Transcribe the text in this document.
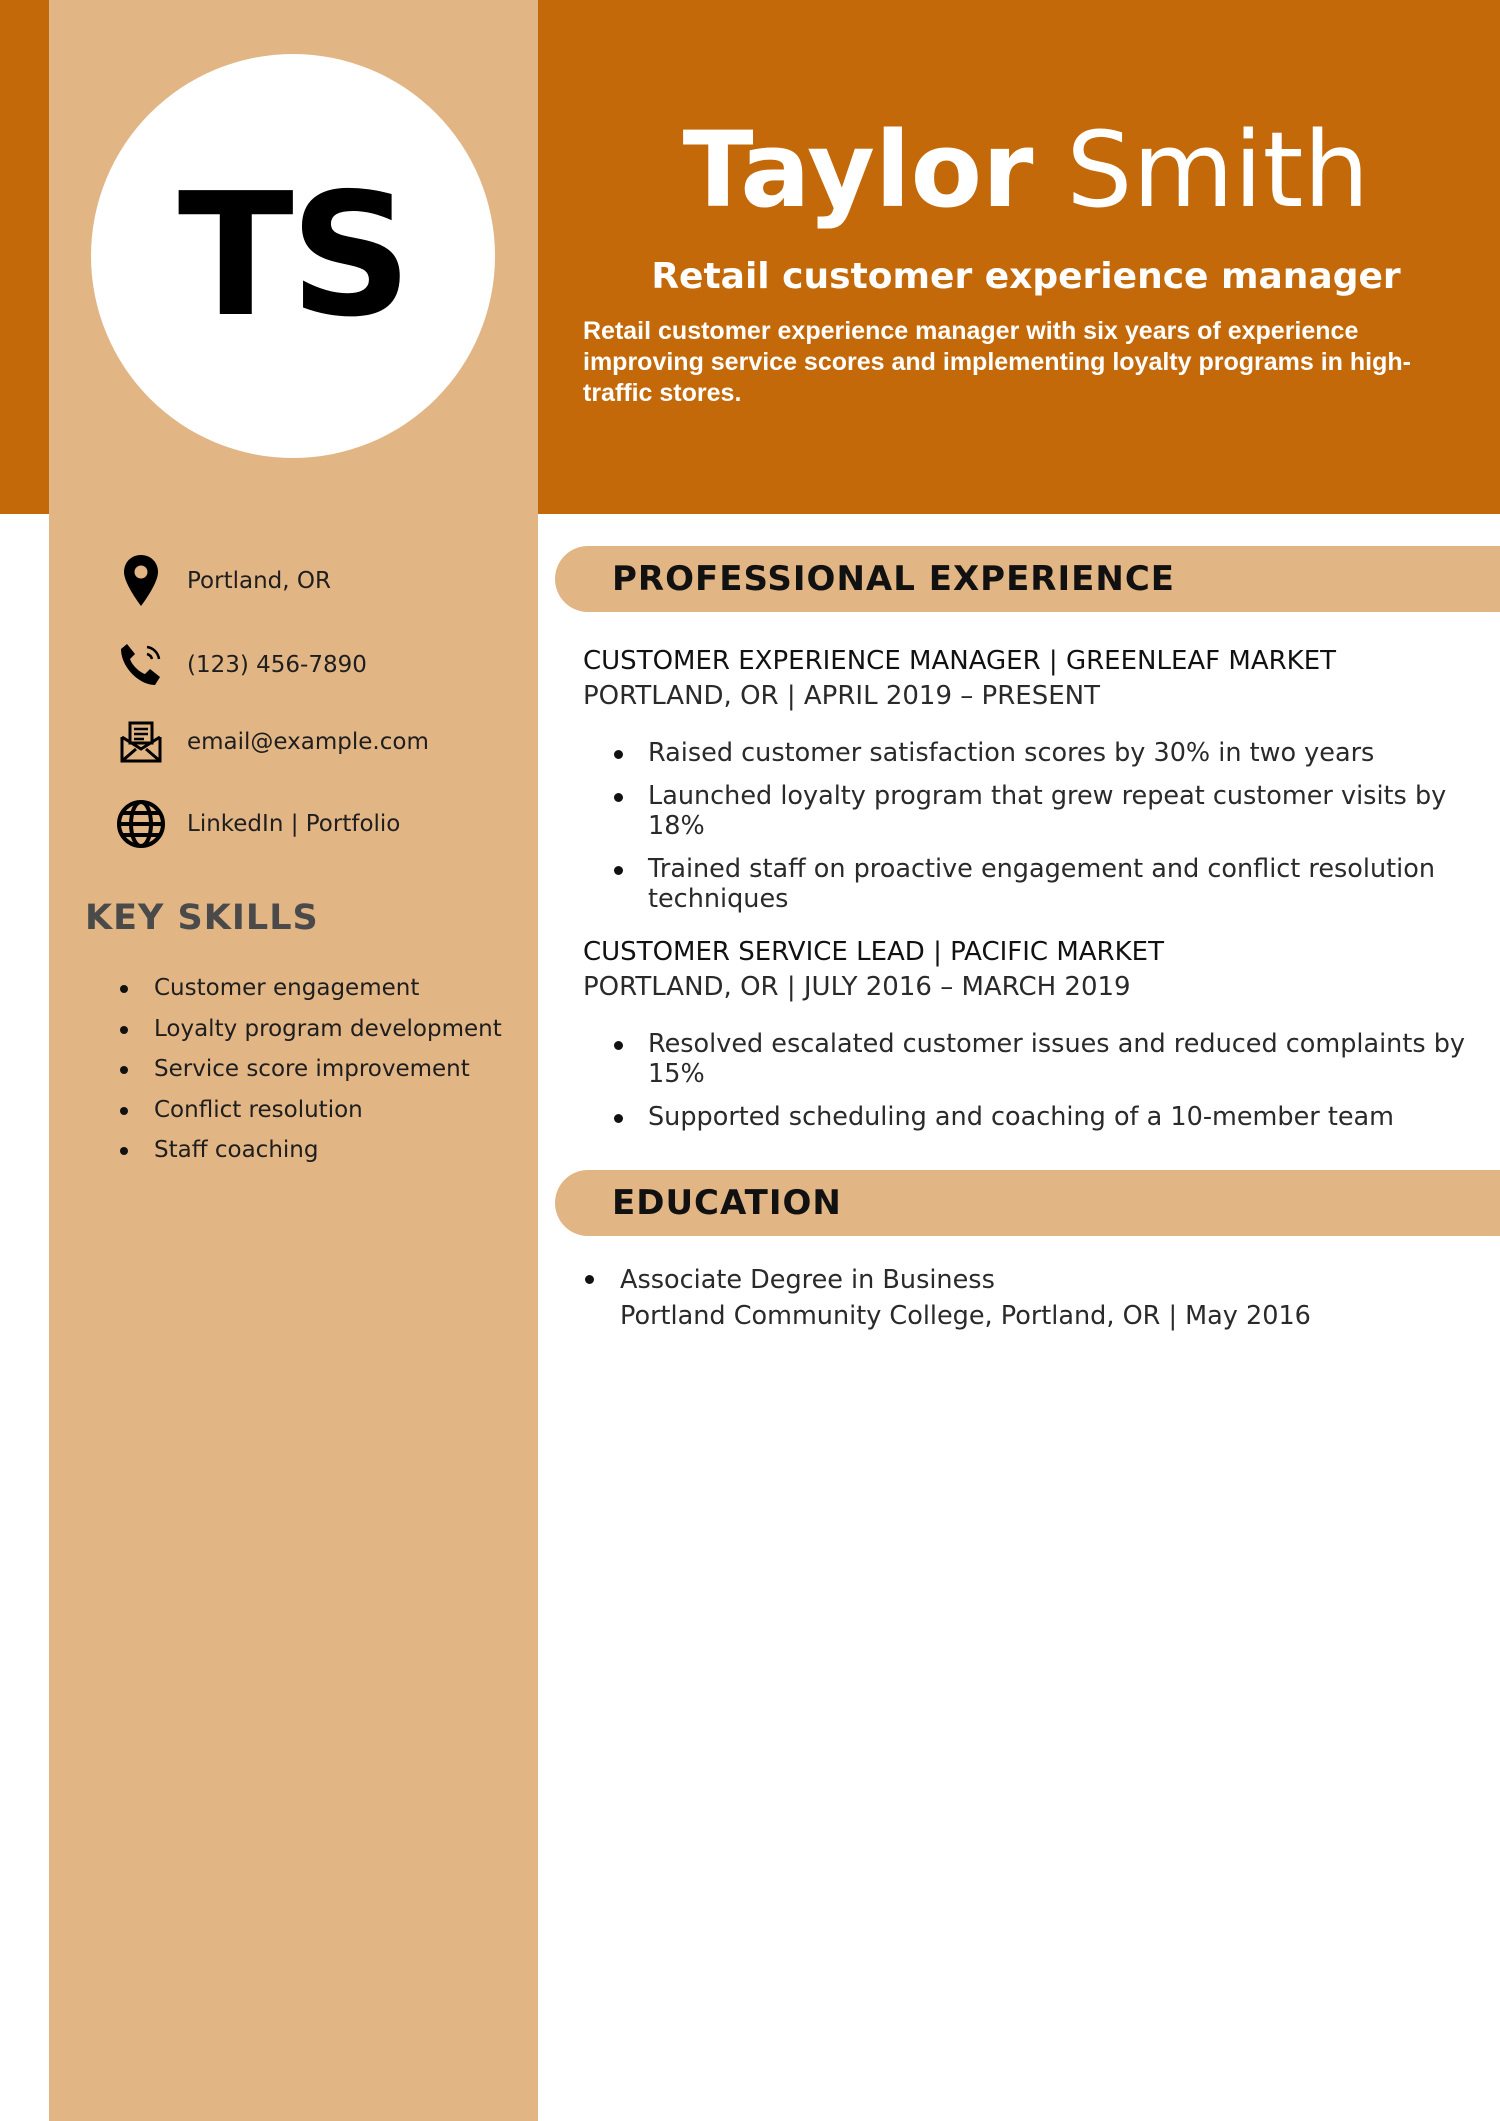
TS	Taylor Smith
Retail customer experience manager
Retail customer experience manager with six years of experience improving service scores and implementing loyalty programs in high-traffic stores.
Portland, OR
(123) 456-7890
email@example.com
LinkedIn | Portfolio
KEY SKILLS
Customer engagement
Loyalty program development
Service score improvement
Conflict resolution
Staff coaching
PROFESSIONAL EXPERIENCE
CUSTOMER EXPERIENCE MANAGER | GREENLEAF MARKET
PORTLAND, OR | APRIL 2019 – PRESENT
Raised customer satisfaction scores by 30% in two years
Launched loyalty program that grew repeat customer visits by 18%
Trained staff on proactive engagement and conflict resolution techniques
CUSTOMER SERVICE LEAD | PACIFIC MARKET
PORTLAND, OR | JULY 2016 – MARCH 2019
Resolved escalated customer issues and reduced complaints by 15%
Supported scheduling and coaching of a 10-member team
EDUCATION
Associate Degree in Business
Portland Community College, Portland, OR | May 2016
